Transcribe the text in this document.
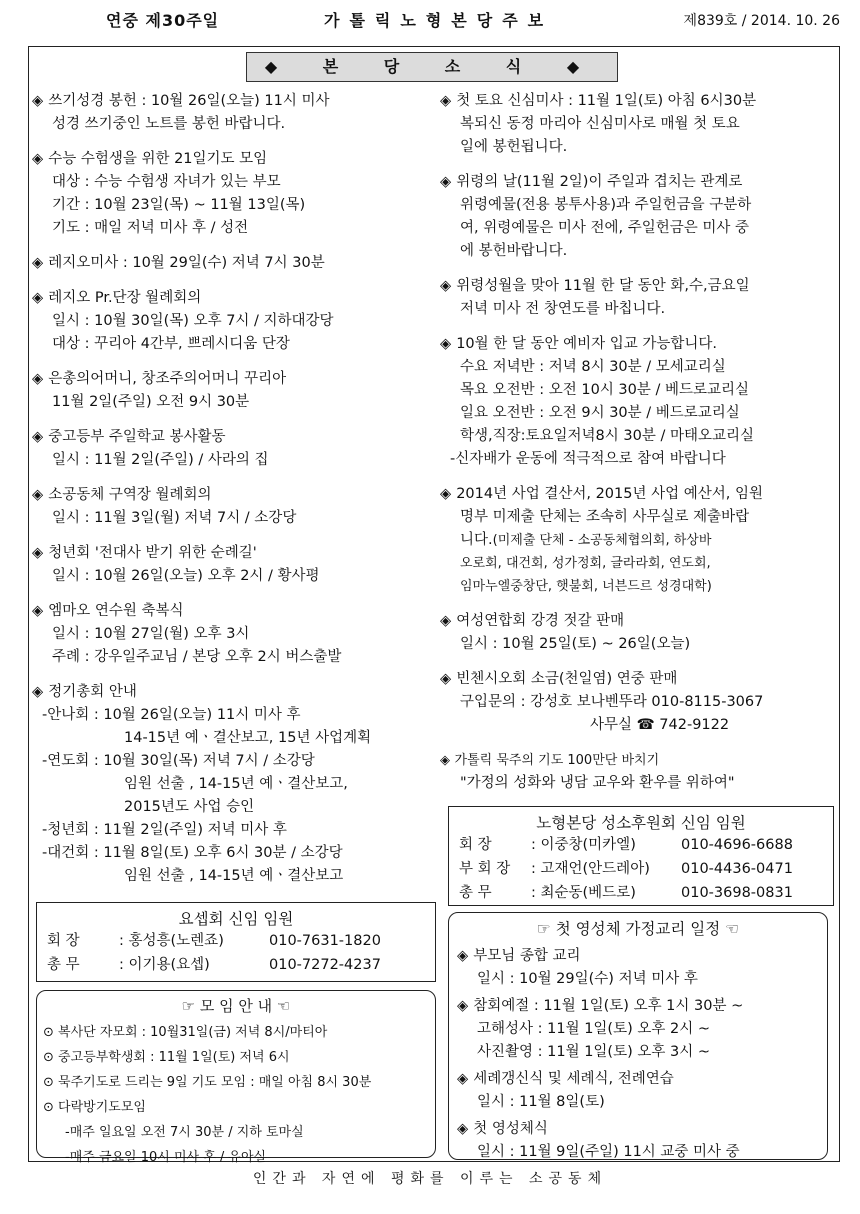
연중 제30주일	가톨릭노형본당주보	제839호 / 2014. 10. 26
◆ 본 당 소 식 ◆
◈ 쓰기성경 봉헌 : 10월 26일(오늘) 11시 미사
성경 쓰기중인 노트를 봉헌 바랍니다.
◈ 수능 수험생을 위한 21일기도 모임
대상 : 수능 수험생 자녀가 있는 부모
기간 : 10월 23일(목) ~ 11월 13일(목)
기도 : 매일 저녁 미사 후 / 성전
◈ 레지오미사 : 10월 29일(수) 저녁 7시 30분
◈ 레지오 Pr.단장 월례회의
일시 : 10월 30일(목) 오후 7시 / 지하대강당
대상 : 꾸리아 4간부, 쁘레시디움 단장
◈ 은총의어머니, 창조주의어머니 꾸리아
11월 2일(주일) 오전 9시 30분
◈ 중고등부 주일학교 봉사활동
일시 : 11월 2일(주일) / 사라의 집
◈ 소공동체 구역장 월례회의
일시 : 11월 3일(월) 저녁 7시 / 소강당
◈ 청년회 '전대사 받기 위한 순례길'
일시 : 10월 26일(오늘) 오후 2시 / 황사평
◈ 엠마오 연수원 축복식
일시 : 10월 27일(월) 오후 3시
주례 : 강우일주교님 / 본당 오후 2시 버스출발
◈ 정기총회 안내
-안나회 : 10월 26일(오늘) 11시 미사 후
14-15년 예ㆍ결산보고, 15년 사업계획
-연도회 : 10월 30일(목) 저녁 7시 / 소강당
임원 선출 , 14-15년 예ㆍ결산보고,
2015년도 사업 승인
-청년회 : 11월 2일(주일) 저녁 미사 후
-대건회 : 11월 8일(토) 오후 6시 30분 / 소강당
임원 선출 , 14-15년 예ㆍ결산보고
요셉회 신임 임원
회 장	: 홍성흥(노렌죠)	010-7631-1820
총 무	: 이기용(요셉)	010-7272-4237
☞ 모 임 안 내 ☜
⊙ 복사단 자모회 : 10월31일(금) 저녁 8시/마티아
⊙ 중고등부학생회 : 11월 1일(토) 저녁 6시
⊙ 묵주기도로 드리는 9일 기도 모임 : 매일 아침 8시 30분
⊙ 다락방기도모임
-매주 일요일 오전 7시 30분 / 지하 토마실
-매주 금요일 10시 미사 후 / 유아실
◈ 첫 토요 신심미사 : 11월 1일(토) 아침 6시30분
복되신 동정 마리아 신심미사로 매월 첫 토요
일에 봉헌됩니다.
◈ 위령의 날(11월 2일)이 주일과 겹치는 관계로
위령예물(전용 봉투사용)과 주일헌금을 구분하
여, 위령예물은 미사 전에, 주일헌금은 미사 중
에 봉헌바랍니다.
◈ 위령성월을 맞아 11월 한 달 동안 화,수,금요일
저녁 미사 전 창연도를 바칩니다.
◈ 10월 한 달 동안 예비자 입교 가능합니다.
수요 저녁반 : 저녁 8시 30분 / 모세교리실
목요 오전반 : 오전 10시 30분 / 베드로교리실
일요 오전반 : 오전 9시 30분 / 베드로교리실
학생,직장:토요일저녁8시 30분 / 마태오교리실
-신자배가 운동에 적극적으로 참여 바랍니다
◈ 2014년 사업 결산서, 2015년 사업 예산서, 임원
명부 미제출 단체는 조속히 사무실로 제출바랍
니다.(미제출 단체 - 소공동체협의회, 하상바
오로회, 대건회, 성가정회, 글라라회, 연도회,
임마누엘중창단, 햇불회, 너븐드르 성경대학)
◈ 여성연합회 강경 젓갈 판매
일시 : 10월 25일(토) ~ 26일(오늘)
◈ 빈첸시오회 소금(천일염) 연중 판매
구입문의 : 강성호 보나벤뚜라 010-8115-3067
사무실 ☎ 742-9122
◈ 가톨릭 묵주의 기도 100만단 바치기
"가정의 성화와 냉담 교우와 환우를 위하여"
노형본당 성소후원회 신임 임원
회 장	: 이중창(미카엘)	010-4696-6688
부 회 장	: 고재언(안드레아)	010-4436-0471
총 무	: 최순동(베드로)	010-3698-0831
☞ 첫 영성체 가정교리 일정 ☜
◈ 부모님 종합 교리
일시 : 10월 29일(수) 저녁 미사 후
◈ 참회예절 : 11월 1일(토) 오후 1시 30분 ~
고해성사 : 11월 1일(토) 오후 2시 ~
사진촬영 : 11월 1일(토) 오후 3시 ~
◈ 세례갱신식 및 세례식, 전례연습
일시 : 11월 8일(토)
◈ 첫 영성체식
일시 : 11월 9일(주일) 11시 교중 미사 중
인간과 자연에 평화를 이루는 소공동체
